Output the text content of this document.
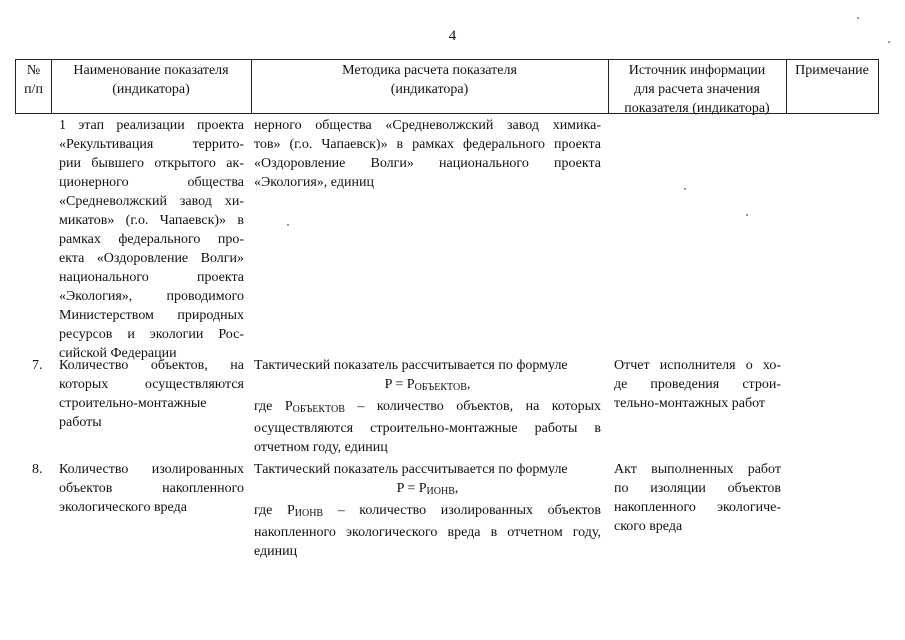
4
№
п/п
Наименование показателя
(индикатора)
Методика расчета показателя
(индикатора)
Источник информации
для расчета значения
показателя (индикатора)
Примечание
1 этап реализации проекта
«Рекультивация террито-
рии бывшего открытого ак-
ционерного общества
«Средневолжский завод хи-
микатов» (г.о. Чапаевск)» в
рамках федерального про-
екта «Оздоровление Волги»
национального проекта
«Экология», проводимого
Министерством природных
ресурсов и экологии Рос-
сийской Федерации
нерного общества «Средневолжский завод химика-
тов» (г.о. Чапаевск)» в рамках федерального проекта
«Оздоровление Волги» национального проекта
«Экология», единиц
7. Количество объектов, на
которых осуществляются
строительно-монтажные
работы
Тактический показатель рассчитывается по формуле
$P = P_{ОБЪЕКТОВ}$,
где $P_{ОБЪЕКТОВ}$ – количество объектов, на которых
осуществляются строительно-монтажные работы в
отчетном году, единиц
Отчет исполнителя о хо-
де проведения строи-
тельно-монтажных работ
8. Количество изолированных
объектов накопленного
экологического вреда
Тактический показатель рассчитывается по формуле
$P = P_{ИОНВ}$,
где $P_{ИОНВ}$ – количество изолированных объектов
накопленного экологического вреда в отчетном году,
единиц
Акт выполненных работ
по изоляции объектов
накопленного экологиче-
ского вреда
